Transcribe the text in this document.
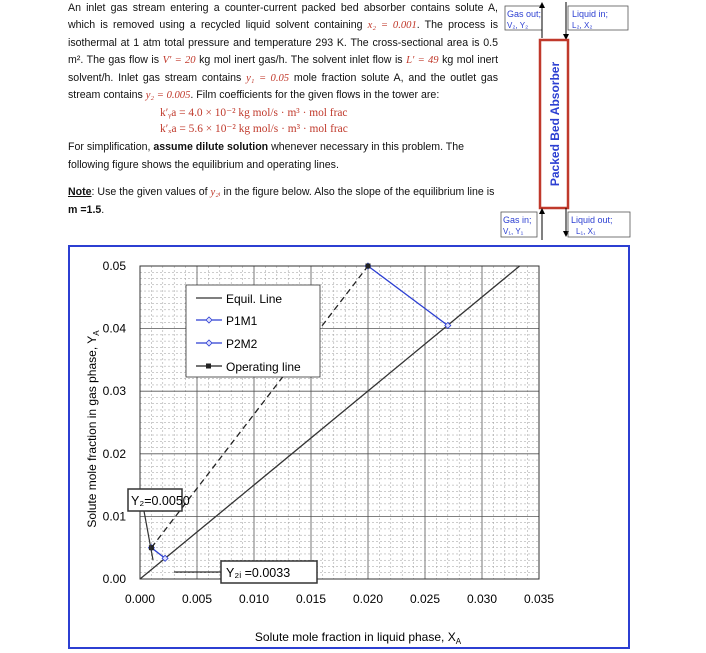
An inlet gas stream entering a counter-current packed bed absorber contains solute A, which is removed using a recycled liquid solvent containing x₂ = 0.001. The process is isothermal at 1 atm total pressure and temperature 293 K. The cross-sectional area is 0.5 m². The gas flow is V′ = 20 kg mol inert gas/h. The solvent inlet flow is L′ = 49 kg mol inert solvent/h. Inlet gas stream contains y₁ = 0.05 mole fraction solute A, and the outlet gas stream contains y₂ = 0.005. Film coefficients for the given flows in the tower are:

k′ᵧa = 4.0 × 10⁻² kg mol/s · m³ · mol frac
k′ₓa = 5.6 × 10⁻² kg mol/s · m³ · mol frac

For simplification, assume dilute solution whenever necessary in this problem. The following figure shows the equilibrium and operating lines.

Note: Use the given values of y₂ᵢ in the figure below. Also the slope of the equilibrium line is m =1.5.

Gas out;
V₂, Y₂
Liquid in;
L₂, X₂
Packed Bed Absorber
Gas in;
V₁, Y₁
Liquid out;
L₁, X₁
0.000 0.005 0.010 0.015 0.020 0.025 0.030 0.035
0.00
0.01
0.02
0.03
0.04
0.05
Equil. Line
P1M1
P2M2
Operating line
Y₂=0.0050
Y₂ᵢ =0.0033
Solute mole fraction in liquid phase, $X_A$
Solute mole fraction in gas phase, $Y_A$
